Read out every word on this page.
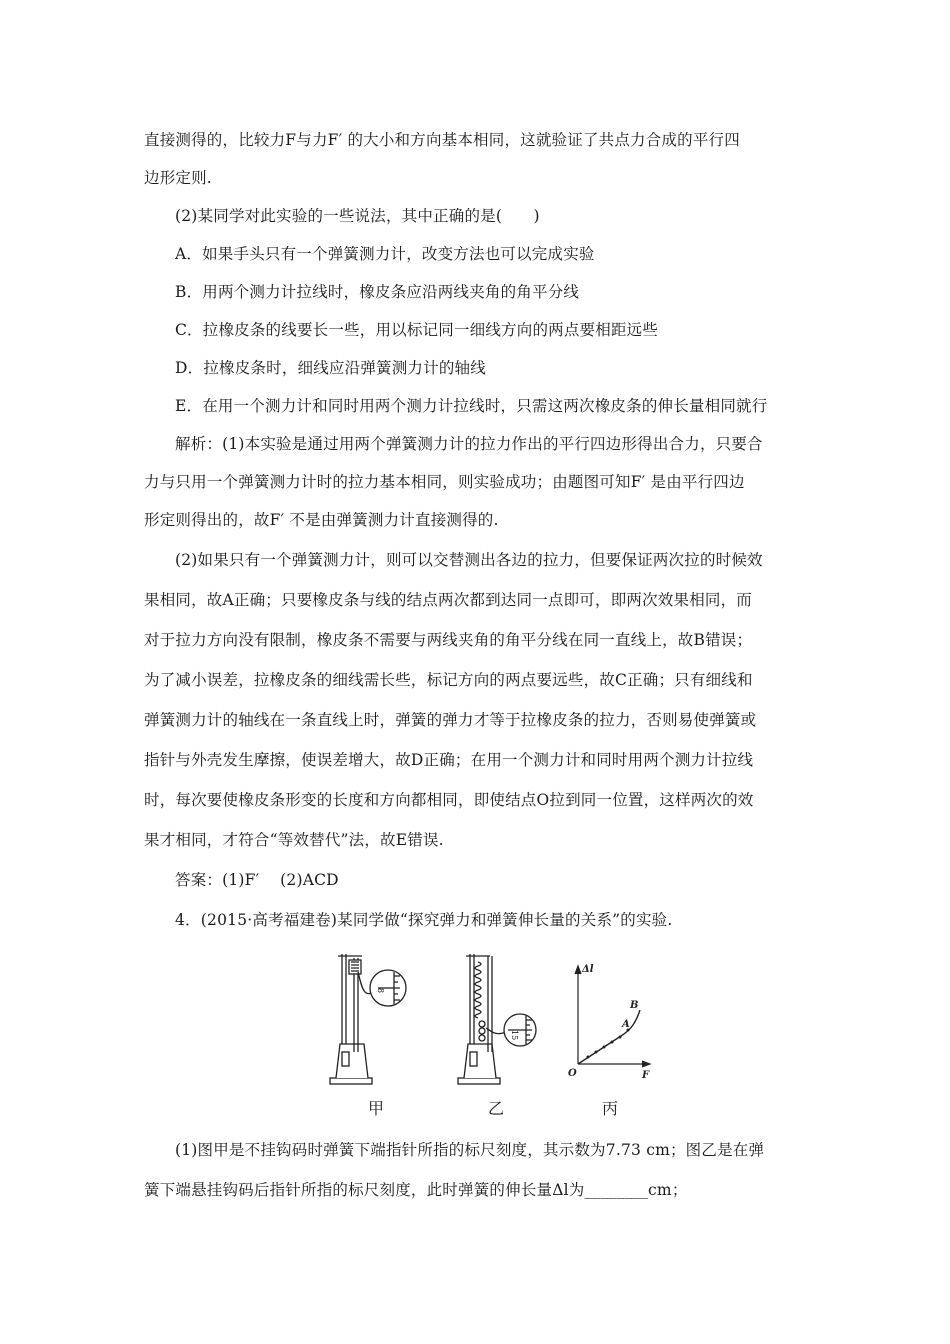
直接测得的，比较力F与力F′ 的大小和方向基本相同，这就验证了共点力合成的平行四
边形定则.
(2)某同学对此实验的一些说法，其中正确的是(　　)
A．如果手头只有一个弹簧测力计，改变方法也可以完成实验
B．用两个测力计拉线时，橡皮条应沿两线夹角的角平分线
C．拉橡皮条的线要长一些，用以标记同一细线方向的两点要相距远些
D．拉橡皮条时，细线应沿弹簧测力计的轴线
E．在用一个测力计和同时用两个测力计拉线时，只需这两次橡皮条的伸长量相同就行
解析：(1)本实验是通过用两个弹簧测力计的拉力作出的平行四边形得出合力，只要合
力与只用一个弹簧测力计时的拉力基本相同，则实验成功；由题图可知F′ 是由平行四边
形定则得出的，故F′ 不是由弹簧测力计直接测得的.
(2)如果只有一个弹簧测力计，则可以交替测出各边的拉力，但要保证两次拉的时候效
果相同，故A正确；只要橡皮条与线的结点两次都到达同一点即可，即两次效果相同，而
对于拉力方向没有限制，橡皮条不需要与两线夹角的角平分线在同一直线上，故B错误；
为了减小误差，拉橡皮条的细线需长些，标记方向的两点要远些，故C正确；只有细线和
弹簧测力计的轴线在一条直线上时，弹簧的弹力才等于拉橡皮条的拉力，否则易使弹簧或
指针与外壳发生摩擦，使误差增大，故D正确；在用一个测力计和同时用两个测力计拉线
时，每次要使橡皮条形变的长度和方向都相同，即使结点O拉到同一位置，这样两次的效
果才相同，才符合“等效替代”法，故E错误.
答案：(1)F′　 (2)ACD
4．(2015·高考福建卷)某同学做“探究弹力和弹簧伸长量的关系”的实验.
8
15
Δl
F
O
A
B
甲	乙	丙
(1)图甲是不挂钩码时弹簧下端指针所指的标尺刻度，其示数为7.73 cm；图乙是在弹
簧下端悬挂钩码后指针所指的标尺刻度，此时弹簧的伸长量Δl为________cm；
